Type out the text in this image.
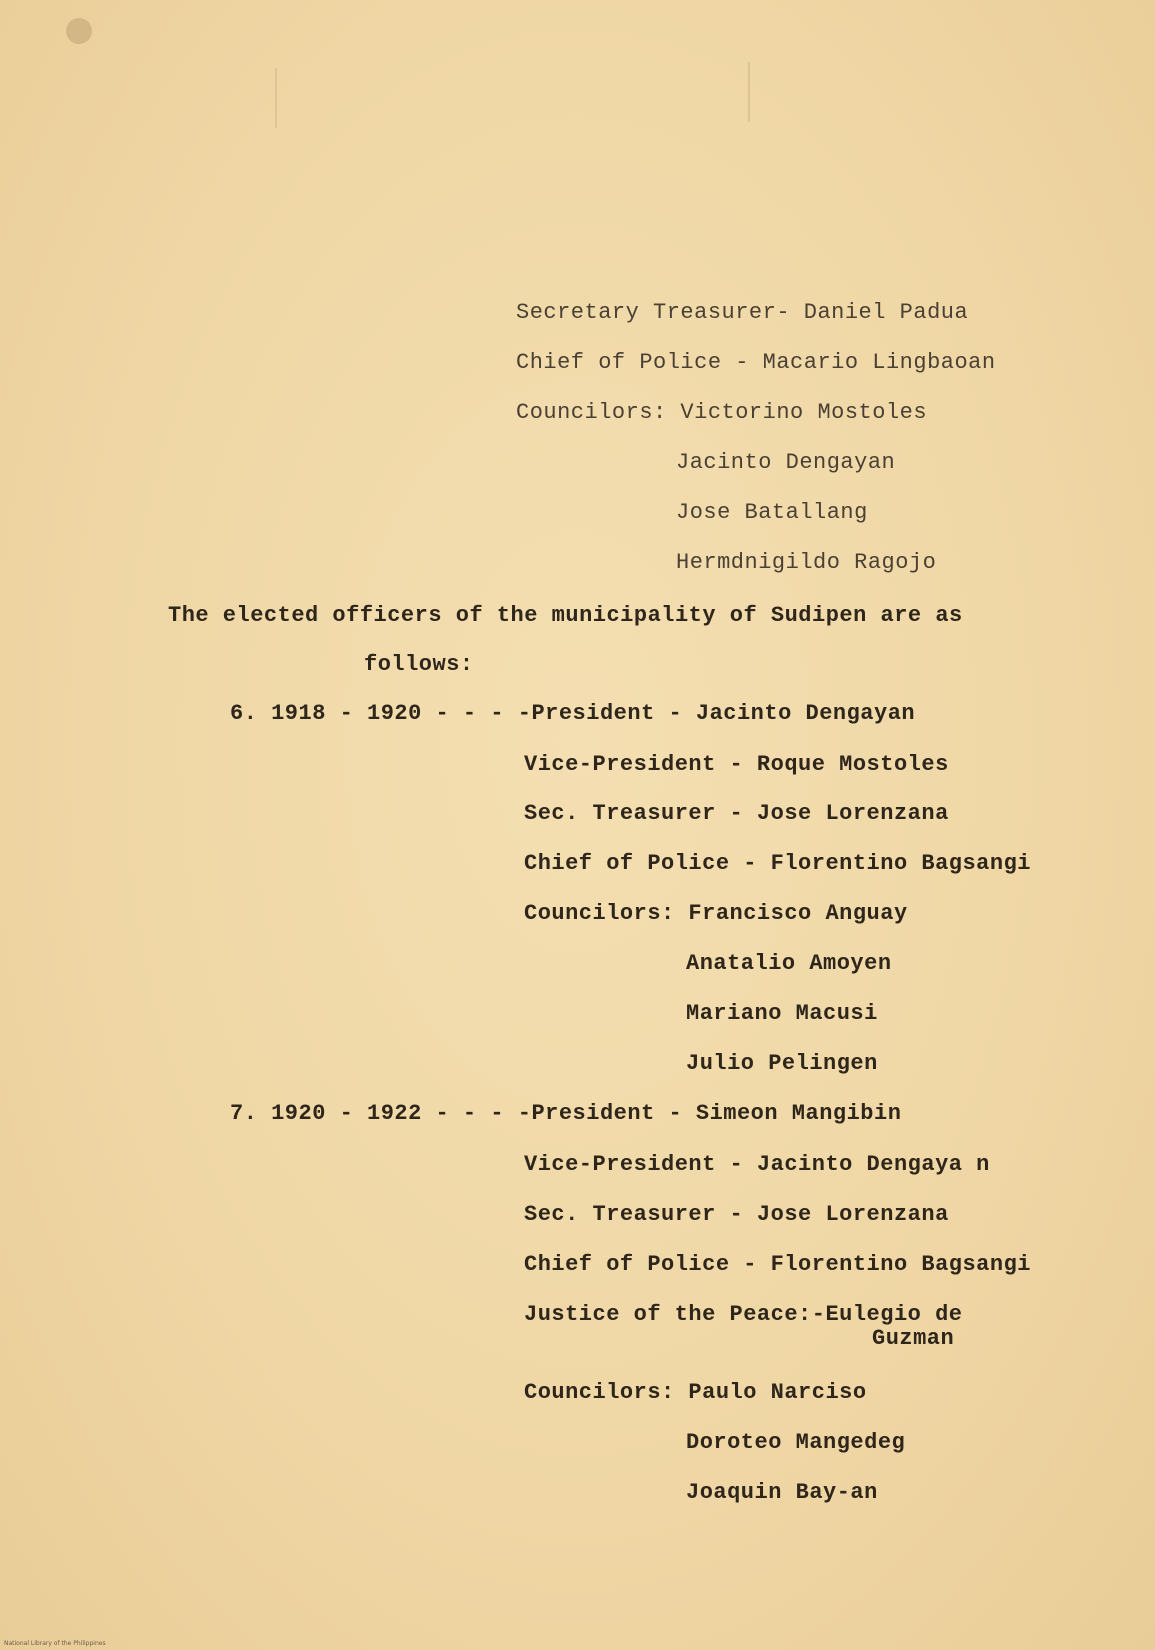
Secretary Treasurer- Daniel Padua
Chief of Police - Macario Lingbaoan
Councilors: Victorino Mostoles
Jacinto Dengayan
Jose Batallang
Hermdnigildo Ragojo
The elected officers of the municipality of Sudipen are as
follows:
6. 1918 - 1920 - - - -President - Jacinto Dengayan
Vice-President - Roque Mostoles
Sec. Treasurer - Jose Lorenzana
Chief of Police - Florentino Bagsangi
Councilors: Francisco Anguay
Anatalio Amoyen
Mariano Macusi
Julio Pelingen
7. 1920 - 1922 - - - -President - Simeon Mangibin
Vice-President - Jacinto Dengaya n
Sec. Treasurer - Jose Lorenzana
Chief of Police - Florentino Bagsangi
Justice of the Peace:-Eulegio de
Guzman
Councilors: Paulo Narciso
Doroteo Mangedeg
Joaquin Bay-an
National Library of the Philippines
